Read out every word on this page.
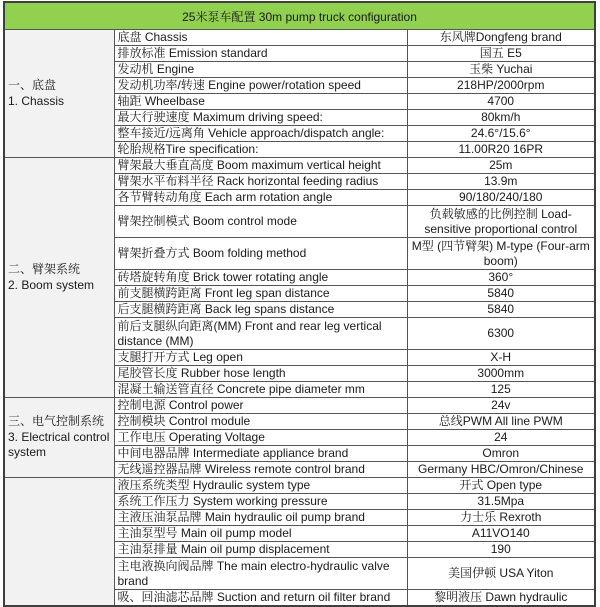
25米泵车配置 30m pump truck configuration		

一、底盘
1. Chassis	底盘 Chassis	东风牌Dongfeng brand
	排放标准 Emission standard	国五 E5
	发动机 Engine	玉柴 Yuchai
	发动机功率/转速 Engine power/rotation speed	218HP/2000rpm
	轴距 Wheelbase	4700
	最大行驶速度 Maximum driving speed:	80km/h
	整车接近/远离角 Vehicle approach/dispatch angle:	24.6°/15.6°
	轮胎规格Tire specification:	11.00R20 16PR

二、臂架系统
2. Boom system	臂架最大垂直高度 Boom maximum vertical height	25m
	臂架水平布料半径 Rack horizontal feeding radius	13.9m
	各节臂转动角度 Each arm rotation angle	90/180/240/180
	臂架控制模式 Boom control mode	负载敏感的比例控制 Load-sensitive proportional control
	臂架折叠方式 Boom folding method	M型 (四节臂架) M-type (Four-arm boom)
	砖塔旋转角度 Brick tower rotating angle	360°
	前支腿横跨距离 Front leg span distance	5840
	后支腿横跨距离 Back leg spans distance	5840
	前后支腿纵向距离(MM) Front and rear leg vertical distance (MM)	6300
	支腿打开方式 Leg open	X-H
	尾胶管长度 Rubber hose length	3000mm
	混凝土输送管直径 Concrete pipe diameter mm	125

三、电气控制系统
3. Electrical control system	控制电源 Control power	24v
	控制模块 Control module	总线PWM All line PWM
	工作电压 Operating Voltage	24
	中间电器品牌 Intermediate appliance brand	Omron
	无线遥控器品牌 Wireless remote control brand	Germany HBC/Omron/Chinese

	液压系统类型 Hydraulic system type	开式 Open type
	系统工作压力 System working pressure	31.5Mpa
	主液压油泵品牌 Main hydraulic oil pump brand	力士乐 Rexroth
	主油泵型号 Main oil pump model	A11VO140
	主油泵排量 Main oil pump displacement	190
	主电液换向阀品牌 The main electro-hydraulic valve brand	美国伊顿 USA Yiton
	吸、回油滤芯品牌 Suction and return oil filter brand	黎明液压 Dawn hydraulic
